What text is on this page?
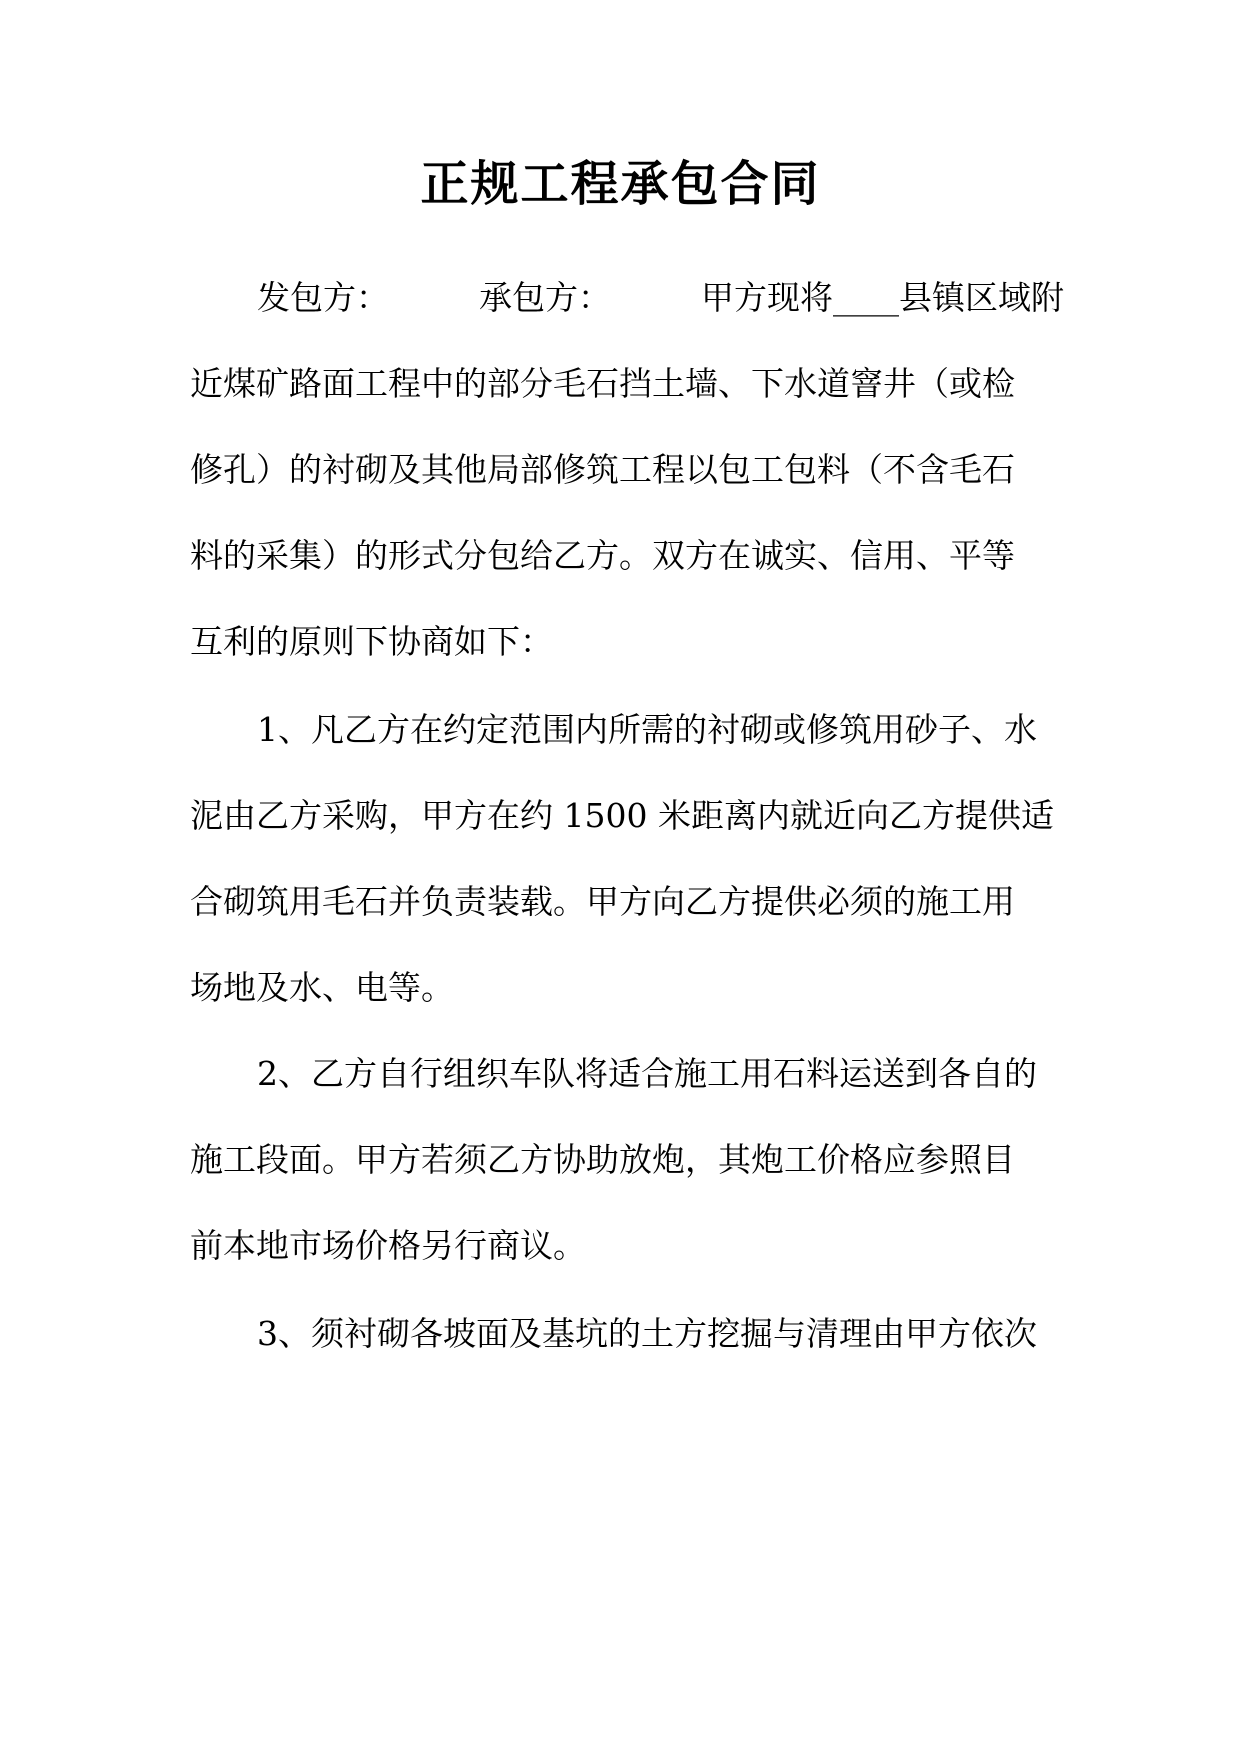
正规工程承包合同
发包方：	承包方：	甲方现将____县镇区域附
近煤矿路面工程中的部分毛石挡土墙、下水道窨井（或检
修孔）的衬砌及其他局部修筑工程以包工包料（不含毛石
料的采集）的形式分包给乙方。双方在诚实、信用、平等
互利的原则下协商如下：
1、凡乙方在约定范围内所需的衬砌或修筑用砂子、水
泥由乙方采购，甲方在约 1500 米距离内就近向乙方提供适
合砌筑用毛石并负责装载。甲方向乙方提供必须的施工用
场地及水、电等。
2、乙方自行组织车队将适合施工用石料运送到各自的
施工段面。甲方若须乙方协助放炮，其炮工价格应参照目
前本地市场价格另行商议。
3、须衬砌各坡面及基坑的土方挖掘与清理由甲方依次
